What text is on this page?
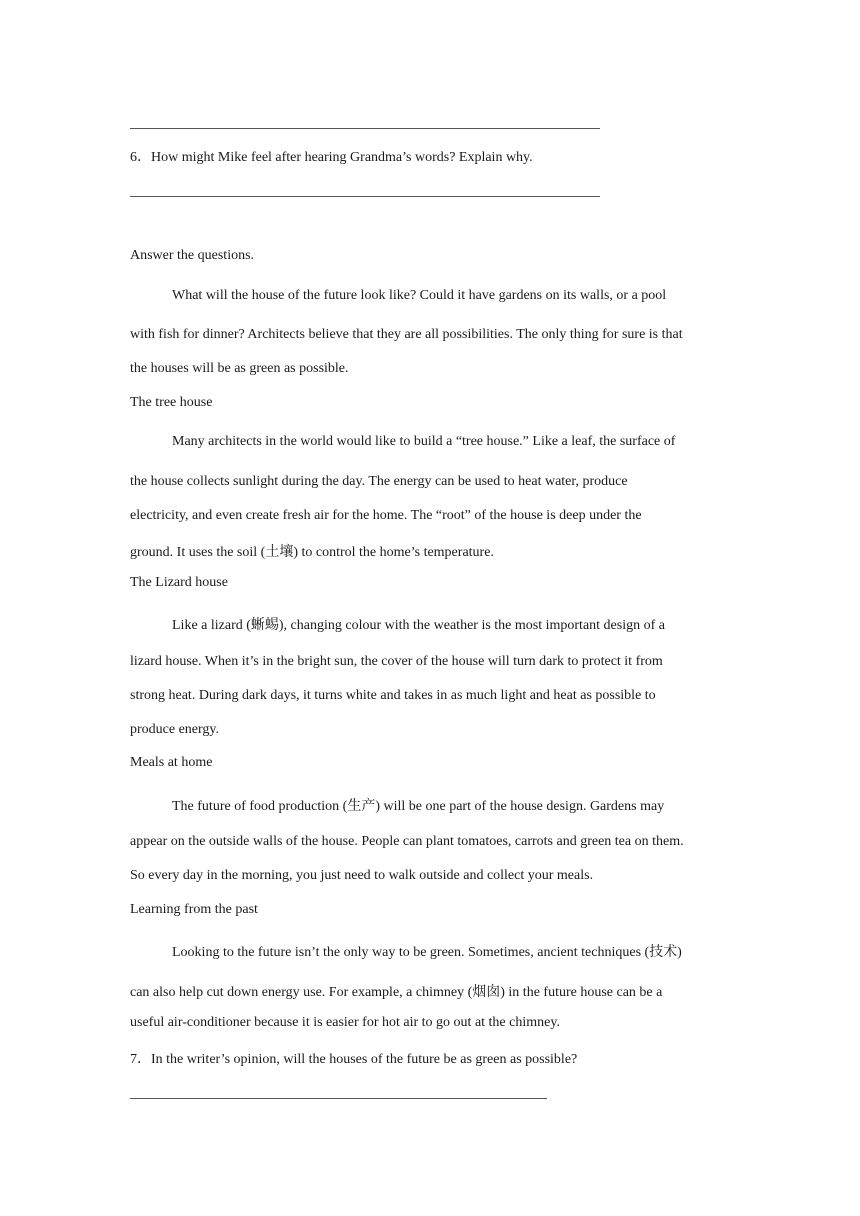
6．How might Mike feel after hearing Grandma’s words? Explain why.
Answer the questions.
What will the house of the future look like? Could it have gardens on its walls, or a pool
with fish for dinner? Architects believe that they are all possibilities. The only thing for sure is that
the houses will be as green as possible.
The tree house
Many architects in the world would like to build a “tree house.” Like a leaf, the surface of
the house collects sunlight during the day. The energy can be used to heat water, produce
electricity, and even create fresh air for the home. The “root” of the house is deep under the
ground. It uses the soil (土壤) to control the home’s temperature.
The Lizard house
Like a lizard (蜥蜴), changing colour with the weather is the most important design of a
lizard house. When it’s in the bright sun, the cover of the house will turn dark to protect it from
strong heat. During dark days, it turns white and takes in as much light and heat as possible to
produce energy.
Meals at home
The future of food production (生产) will be one part of the house design. Gardens may
appear on the outside walls of the house. People can plant tomatoes, carrots and green tea on them.
So every day in the morning, you just need to walk outside and collect your meals.
Learning from the past
Looking to the future isn’t the only way to be green. Sometimes, ancient techniques (技术)
can also help cut down energy use. For example, a chimney (烟囱) in the future house can be a
useful air-conditioner because it is easier for hot air to go out at the chimney.
7．In the writer’s opinion, will the houses of the future be as green as possible?
